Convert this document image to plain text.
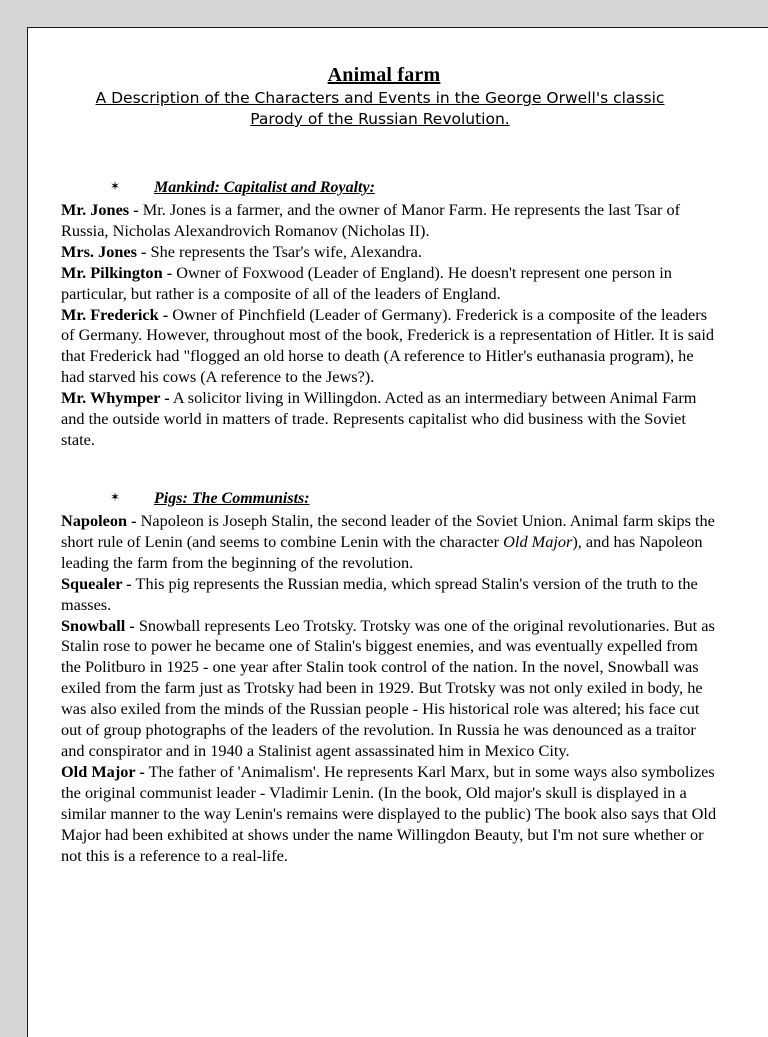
Animal farm
A Description of the Characters and Events in the George Orwell's classic Parody of the Russian Revolution.
✶ Mankind: Capitalist and Royalty:

Mr. Jones - Mr. Jones is a farmer, and the owner of Manor Farm. He represents the last Tsar of Russia, Nicholas Alexandrovich Romanov (Nicholas II).

Mrs. Jones - She represents the Tsar's wife, Alexandra.

Mr. Pilkington - Owner of Foxwood (Leader of England). He doesn't represent one person in particular, but rather is a composite of all of the leaders of England.

Mr. Frederick - Owner of Pinchfield (Leader of Germany). Frederick is a composite of the leaders of Germany. However, throughout most of the book, Frederick is a representation of Hitler. It is said that Frederick had "flogged an old horse to death (A reference to Hitler's euthanasia program), he had starved his cows (A reference to the Jews?).

Mr. Whymper - A solicitor living in Willingdon. Acted as an intermediary between Animal Farm and the outside world in matters of trade. Represents capitalist who did business with the Soviet state.

✶ Pigs: The Communists:

Napoleon - Napoleon is Joseph Stalin, the second leader of the Soviet Union. Animal farm skips the short rule of Lenin (and seems to combine Lenin with the character Old Major), and has Napoleon leading the farm from the beginning of the revolution.

Squealer - This pig represents the Russian media, which spread Stalin's version of the truth to the masses.

Snowball - Snowball represents Leo Trotsky. Trotsky was one of the original revolutionaries. But as Stalin rose to power he became one of Stalin's biggest enemies, and was eventually expelled from the Politburo in 1925 - one year after Stalin took control of the nation. In the novel, Snowball was exiled from the farm just as Trotsky had been in 1929. But Trotsky was not only exiled in body, he was also exiled from the minds of the Russian people - His historical role was altered; his face cut out of group photographs of the leaders of the revolution. In Russia he was denounced as a traitor and conspirator and in 1940 a Stalinist agent assassinated him in Mexico City.

Old Major - The father of 'Animalism'. He represents Karl Marx, but in some ways also symbolizes the original communist leader - Vladimir Lenin. (In the book, Old major's skull is displayed in a similar manner to the way Lenin's remains were displayed to the public) The book also says that Old Major had been exhibited at shows under the name Willingdon Beauty, but I'm not sure whether or not this is a reference to a real-life.
